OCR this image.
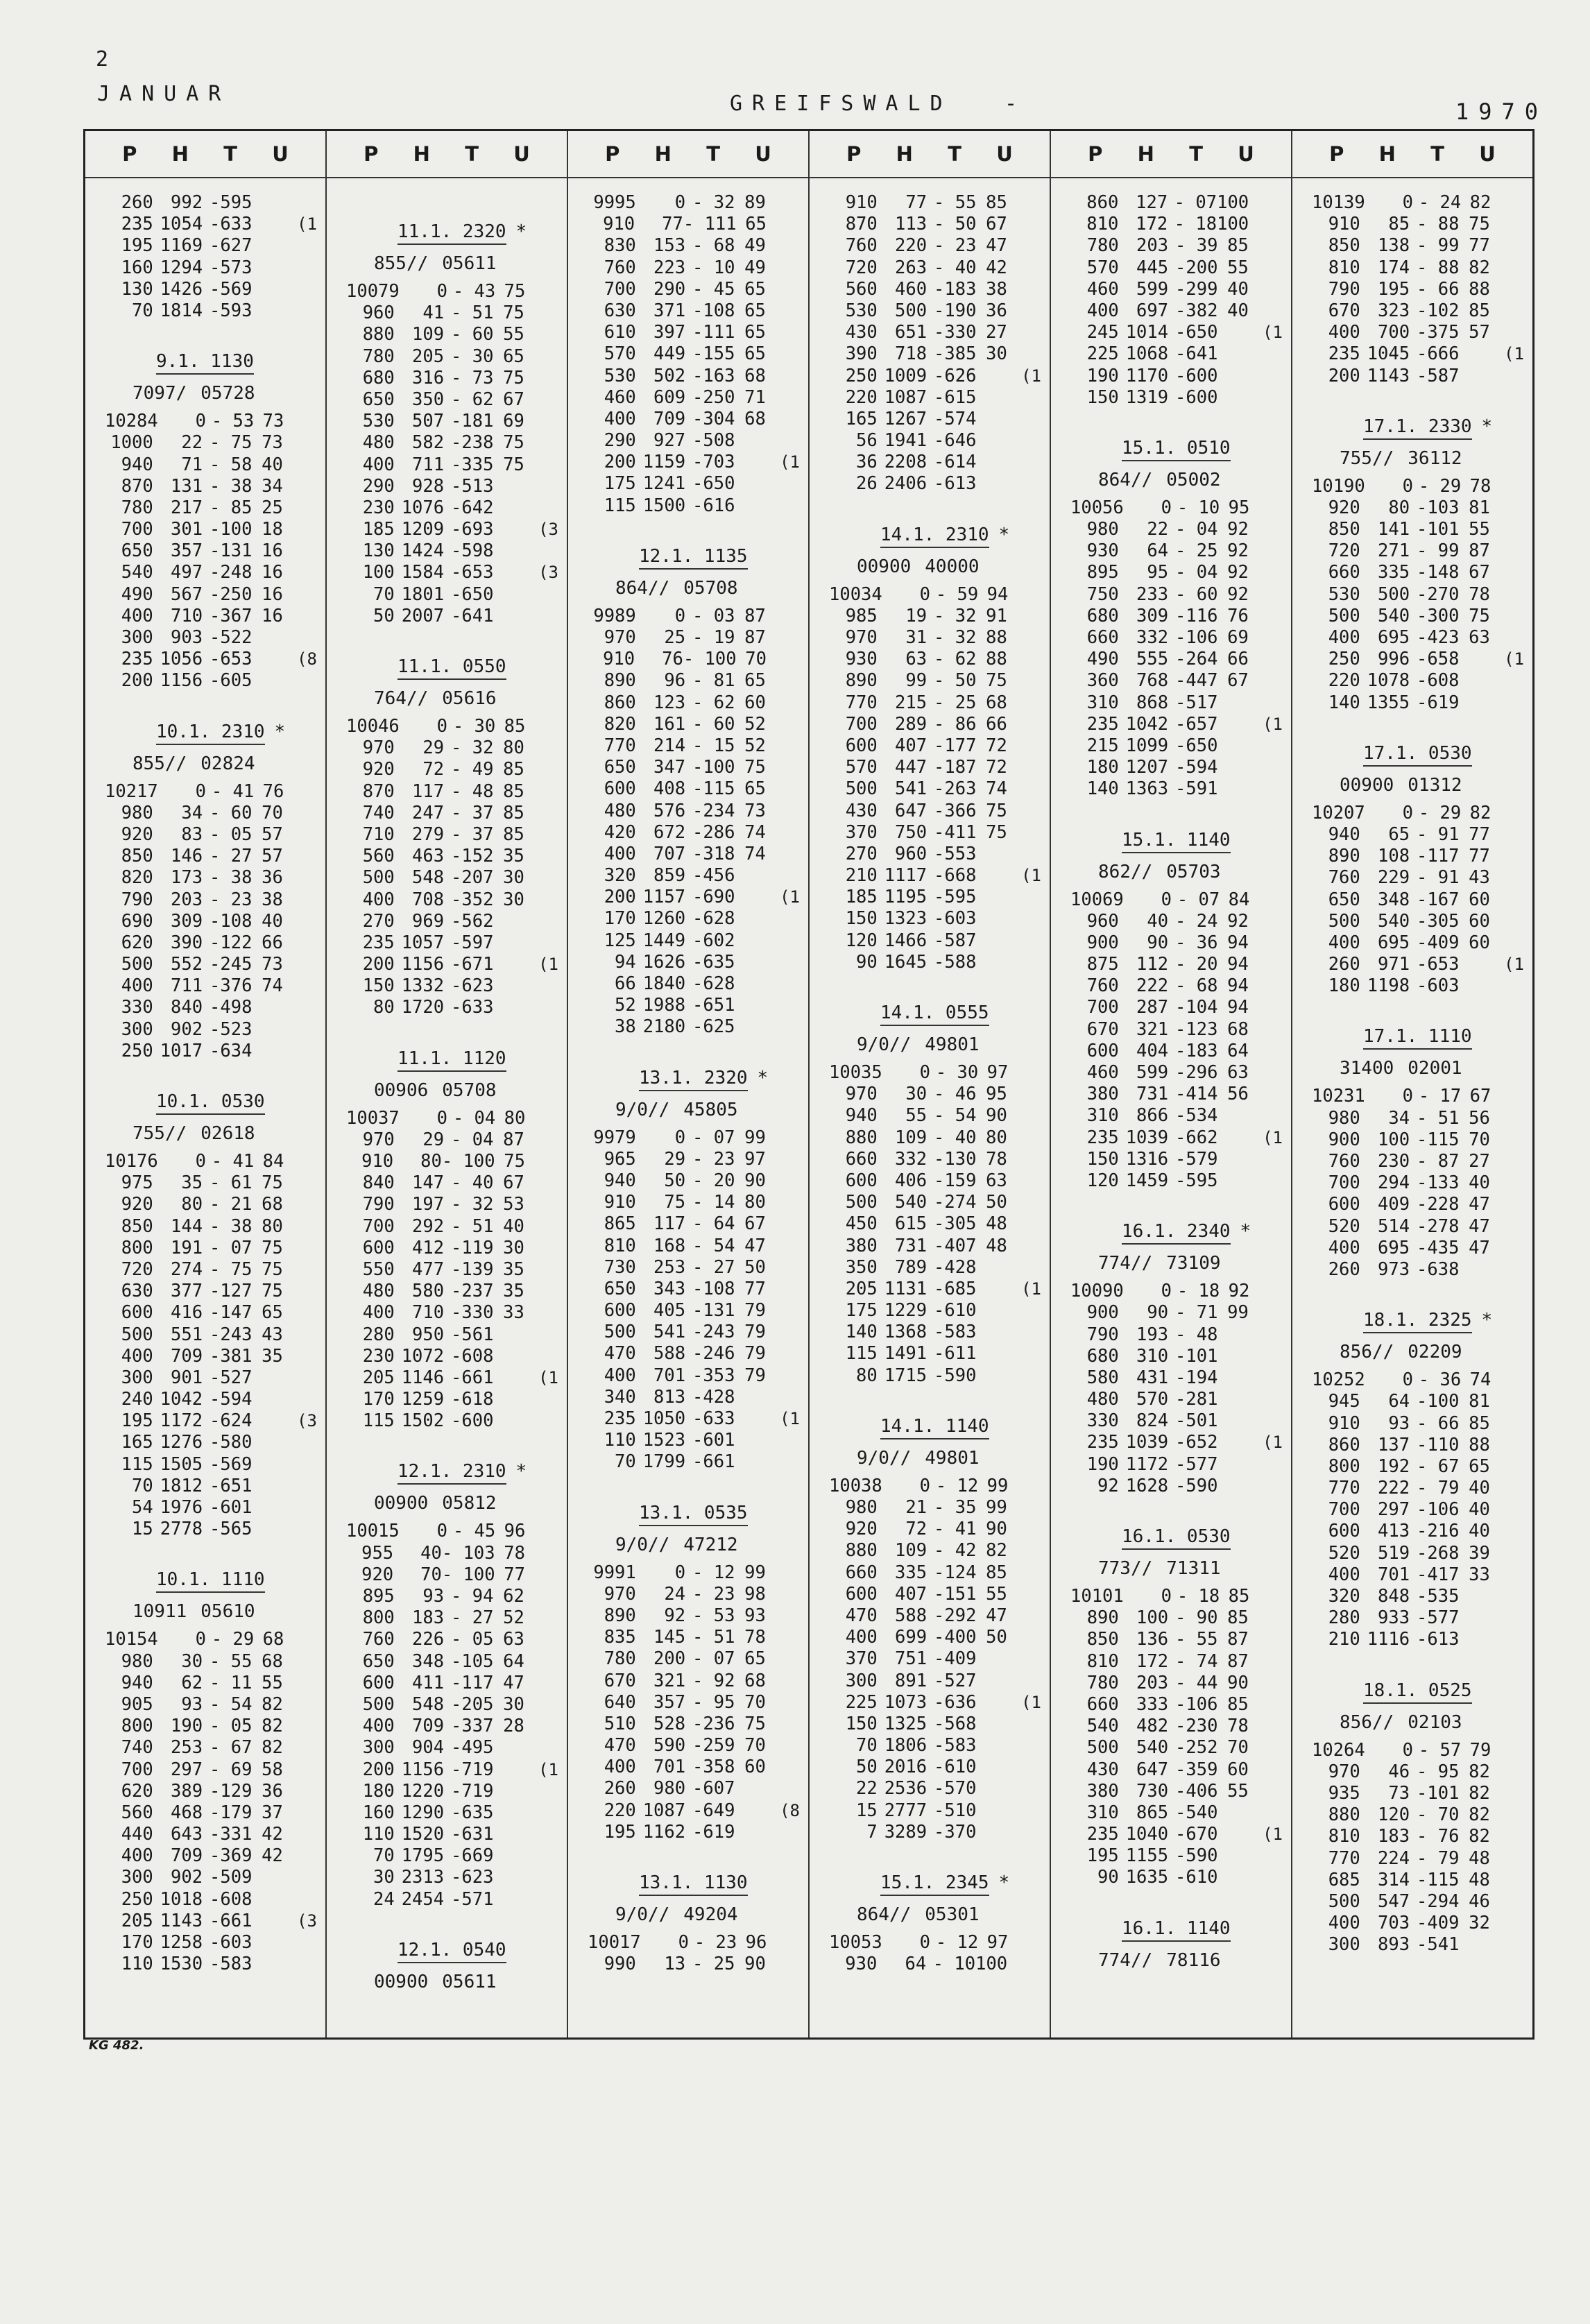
2
JANUAR	GREIFSWALD	-	1970
P H T U
260 992 -595
235 1054 -633	(1
195 1169 -627
160 1294 -573
130 1426 -569
70 1814 -593
9.1. 1130
7097/ 05728
10284	0 - 53 73
1000	22 - 75 73
940	71 - 58 40
870 131 - 38 34
780 217 - 85 25
700 301 -100 18
650 357 -131 16
540 497 -248 16
490 567 -250 16
400 710 -367 16
300 903 -522
235 1056 -653	(8
200 1156 -605
10.1. 2310 *
855// 02824
10217	0 - 41 76
980	34 - 60 70
920	83 - 05 57
850 146 - 27 57
820 173 - 38 36
790 203 - 23 38
690 309 -108 40
620 390 -122 66
500 552 -245 73
400 711 -376 74
330 840 -498
300 902 -523
250 1017 -634
10.1. 0530
755// 02618
10176	0 - 41 84
975	35 - 61 75
920	80 - 21 68
850 144 - 38 80
800 191 - 07 75
720 274 - 75 75
630 377 -127 75
600 416 -147 65
500 551 -243 43
400 709 -381 35
300 901 -527
240 1042 -594
195 1172 -624	(3
165 1276 -580
115 1505 -569
70 1812 -651
54 1976 -601
15 2778 -565
10.1. 1110
10911 05610
10154	0 - 29 68
980	30 - 55 68
940	62 - 11 55
905	93 - 54 82
800 190 - 05 82
740 253 - 67 82
700 297 - 69 58
620 389 -129 36
560 468 -179 37
440 643 -331 42
400 709 -369 42
300 902 -509
250 1018 -608
205 1143 -661	(3
170 1258 -603
110 1530 -583
P H T U
11.1. 2320 *
855// 05611
10079	0 - 43 75
960	41 - 51 75
880 109 - 60 55
780 205 - 30 65
680 316 - 73 75
650 350 - 62 67
530 507 -181 69
480 582 -238 75
400 711 -335 75
290 928 -513
230 1076 -642
185 1209 -693	(3
130 1424 -598
100 1584 -653	(3
70 1801 -650
50 2007 -641
11.1. 0550
764// 05616
10046	0 - 30 85
970	29 - 32 80
920	72 - 49 85
870 117 - 48 85
740 247 - 37 85
710 279 - 37 85
560 463 -152 35
500 548 -207 30
400 708 -352 30
270 969 -562
235 1057 -597
200 1156 -671	(1
150 1332 -623
80 1720 -633
11.1. 1120
00906 05708
10037	0 - 04 80
970	29 - 04 87
910	80 - 100 75
840 147 - 40 67
790 197 - 32 53
700 292 - 51 40
600 412 -119 30
550 477 -139 35
480 580 -237 35
400 710 -330 33
280 950 -561
230 1072 -608
205 1146 -661	(1
170 1259 -618
115 1502 -600
12.1. 2310 *
00900 05812
10015	0 - 45 96
955	40 - 103 78
920	70 - 100 77
895	93 - 94 62
800 183 - 27 52
760 226 - 05 63
650 348 -105 64
600 411 -117 47
500 548 -205 30
400 709 -337 28
300 904 -495
200 1156 -719	(1
180 1220 -719
160 1290 -635
110 1520 -631
70 1795 -669
30 2313 -623
24 2454 -571
12.1. 0540
00900 05611
P H T U
9995	0 - 32 89
910	77 - 111 65
830 153 - 68 49
760 223 - 10 49
700 290 - 45 65
630 371 -108 65
610 397 -111 65
570 449 -155 65
530 502 -163 68
460 609 -250 71
400 709 -304 68
290 927 -508
200 1159 -703	(1
175 1241 -650
115 1500 -616
12.1. 1135
864// 05708
9989	0 - 03 87
970	25 - 19 87
910	76 - 100 70
890	96 - 81 65
860 123 - 62 60
820 161 - 60 52
770 214 - 15 52
650 347 -100 75
600 408 -115 65
480 576 -234 73
420 672 -286 74
400 707 -318 74
320 859 -456
200 1157 -690	(1
170 1260 -628
125 1449 -602
94 1626 -635
66 1840 -628
52 1988 -651
38 2180 -625
13.1. 2320 *
9/0// 45805
9979	0 - 07 99
965	29 - 23 97
940	50 - 20 90
910	75 - 14 80
865 117 - 64 67
810 168 - 54 47
730 253 - 27 50
650 343 -108 77
600 405 -131 79
500 541 -243 79
470 588 -246 79
400 701 -353 79
340 813 -428
235 1050 -633	(1
110 1523 -601
70 1799 -661
13.1. 0535
9/0// 47212
9991	0 - 12 99
970	24 - 23 98
890	92 - 53 93
835 145 - 51 78
780 200 - 07 65
670 321 - 92 68
640 357 - 95 70
510 528 -236 75
470 590 -259 70
400 701 -358 60
260 980 -607
220 1087 -649	(8
195 1162 -619
13.1. 1130
9/0// 49204
10017	0 - 23 96
990	13 - 25 90
P H T U
910	77 - 55 85
870 113 - 50 67
760 220 - 23 47
720 263 - 40 42
560 460 -183 38
530 500 -190 36
430 651 -330 27
390 718 -385 30
250 1009 -626	(1
220 1087 -615
165 1267 -574
56 1941 -646
36 2208 -614
26 2406 -613
14.1. 2310 *
00900 40000
10034	0 - 59 94
985	19 - 32 91
970	31 - 32 88
930	63 - 62 88
890	99 - 50 75
770 215 - 25 68
700 289 - 86 66
600 407 -177 72
570 447 -187 72
500 541 -263 74
430 647 -366 75
370 750 -411 75
270 960 -553
210 1117 -668	(1
185 1195 -595
150 1323 -603
120 1466 -587
90 1645 -588
14.1. 0555
9/0// 49801
10035	0 - 30 97
970	30 - 46 95
940	55 - 54 90
880 109 - 40 80
660 332 -130 78
600 406 -159 63
500 540 -274 50
450 615 -305 48
380 731 -407 48
350 789 -428
205 1131 -685	(1
175 1229 -610
140 1368 -583
115 1491 -611
80 1715 -590
14.1. 1140
9/0// 49801
10038	0 - 12 99
980	21 - 35 99
920	72 - 41 90
880 109 - 42 82
660 335 -124 85
600 407 -151 55
470 588 -292 47
400 699 -400 50
370 751 -409
300 891 -527
225 1073 -636	(1
150 1325 -568
70 1806 -583
50 2016 -610
22 2536 -570
15 2777 -510
7 3289 -370
15.1. 2345 *
864// 05301
10053	0 - 12 97
930	64 - 10 100
P H T U
860 127 - 07 100
810 172 - 18 100
780 203 - 39 85
570 445 -200 55
460 599 -299 40
400 697 -382 40
245 1014 -650	(1
225 1068 -641
190 1170 -600
150 1319 -600
15.1. 0510
864// 05002
10056	0 - 10 95
980	22 - 04 92
930	64 - 25 92
895	95 - 04 92
750 233 - 60 92
680 309 -116 76
660 332 -106 69
490 555 -264 66
360 768 -447 67
310 868 -517
235 1042 -657	(1
215 1099 -650
180 1207 -594
140 1363 -591
15.1. 1140
862// 05703
10069	0 - 07 84
960	40 - 24 92
900	90 - 36 94
875 112 - 20 94
760 222 - 68 94
700 287 -104 94
670 321 -123 68
600 404 -183 64
460 599 -296 63
380 731 -414 56
310 866 -534
235 1039 -662	(1
150 1316 -579
120 1459 -595
16.1. 2340 *
774// 73109
10090	0 - 18 92
900	90 - 71 99
790 193 - 48
680 310 -101
580 431 -194
480 570 -281
330 824 -501
235 1039 -652	(1
190 1172 -577
92 1628 -590
16.1. 0530
773// 71311
10101	0 - 18 85
890 100 - 90 85
850 136 - 55 87
810 172 - 74 87
780 203 - 44 90
660 333 -106 85
540 482 -230 78
500 540 -252 70
430 647 -359 60
380 730 -406 55
310 865 -540
235 1040 -670	(1
195 1155 -590
90 1635 -610
16.1. 1140
774// 78116
P H T U
10139	0 - 24 82
910	85 - 88 75
850 138 - 99 77
810 174 - 88 82
790 195 - 66 88
670 323 -102 85
400 700 -375 57
235 1045 -666	(1
200 1143 -587
17.1. 2330 *
755// 36112
10190	0 - 29 78
920	80 -103 81
850 141 -101 55
720 271 - 99 87
660 335 -148 67
530 500 -270 78
500 540 -300 75
400 695 -423 63
250 996 -658	(1
220 1078 -608
140 1355 -619
17.1. 0530
00900 01312
10207	0 - 29 82
940	65 - 91 77
890 108 -117 77
760 229 - 91 43
650 348 -167 60
500 540 -305 60
400 695 -409 60
260 971 -653	(1
180 1198 -603
17.1. 1110
31400 02001
10231	0 - 17 67
980	34 - 51 56
900 100 -115 70
760 230 - 87 27
700 294 -133 40
600 409 -228 47
520 514 -278 47
400 695 -435 47
260 973 -638
18.1. 2325 *
856// 02209
10252	0 - 36 74
945	64 -100 81
910	93 - 66 85
860 137 -110 88
800 192 - 67 65
770 222 - 79 40
700 297 -106 40
600 413 -216 40
520 519 -268 39
400 701 -417 33
320 848 -535
280 933 -577
210 1116 -613
18.1. 0525
856// 02103
10264	0 - 57 79
970	46 - 95 82
935	73 -101 82
880 120 - 70 82
810 183 - 76 82
770 224 - 79 48
685 314 -115 48
500 547 -294 46
400 703 -409 32
300 893 -541
KG 482.
